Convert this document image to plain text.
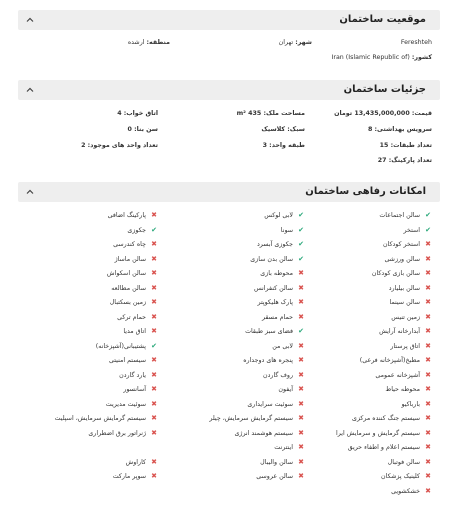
موقعیت ساختمان
Fereshteh
شهر: تهران
منطقه: ارشده
کشور: (Iran (Islamic Republic of
جزئیات ساختمان
قیمت: 13,435,000,000 تومان
مساحت ملک: 435 m²
اتاق خواب: 4
سرویس بهداشتی: 8
سبک: کلاسیک
سن بنا: 0
تعداد طبقات: 15
طبقه واحد: 3
تعداد واحد های موجود: 2
تعداد پارکینگ: 27
امکانات رفاهی ساختمان
✔سالن اجتماعات
✔استخر
✖استخر کودکان
✖سالن ورزشی
✖سالن بازی کودکان
✖سالن بیلیارد
✖سالن سینما
✖زمین تنیس
✖آبدارخانه آرایش
✖اتاق پرستار
✖مطبخ(آشپزخانه فرعی)
✖آشپزخانه عمومی
✖محوطه حیاط
✖بارباکیو
✖سیستم جنگ کننده مرکزی
✖سیستم گرمایش و سرمایش ایرا
✖سیستم اعلام و اطفاء حریق
✖سالن فوتبال
✖کلینیک پزشکان
✖خشکشویی
✔لابی لوکس
✔سونا
✔جکوزی آبسرد
✔سالن بدن سازی
✖محوطه بازی
✖سالن کنفرانس
✖پارک هلیکوپتر
✖حمام مسقر
✔فضای سبز طبقات
✖لابی من
✖پنجره های دوجداره
✖روف گاردن
✖آیفون
✖سوئیت سرایداری
✖سیستم گرمایش سرمایش، چیلر
✖سیستم هوشمند انرژی
✖اینترنت
✖سالن والیبال
✖سالن عروسی
✖پارکینگ اضافی
✔جکوزی
✖چاه کندرسی
✖سالن ماساژ
✖سالن اسکواش
✖سالن مطالعه
✖زمین بسکتبال
✖حمام ترکی
✖اتاق مدیا
✔پشتیبانی(آشپزخانه)
✖سیستم امنیتی
✖یارد گاردن
✖آسانسور
✖سوئیت مدیریت
✖سیستم گرمایش سرمایش، اسپلیت
✖ژنراتور برق اضطراری
✖کاراوش
✖سوپر مارکت
